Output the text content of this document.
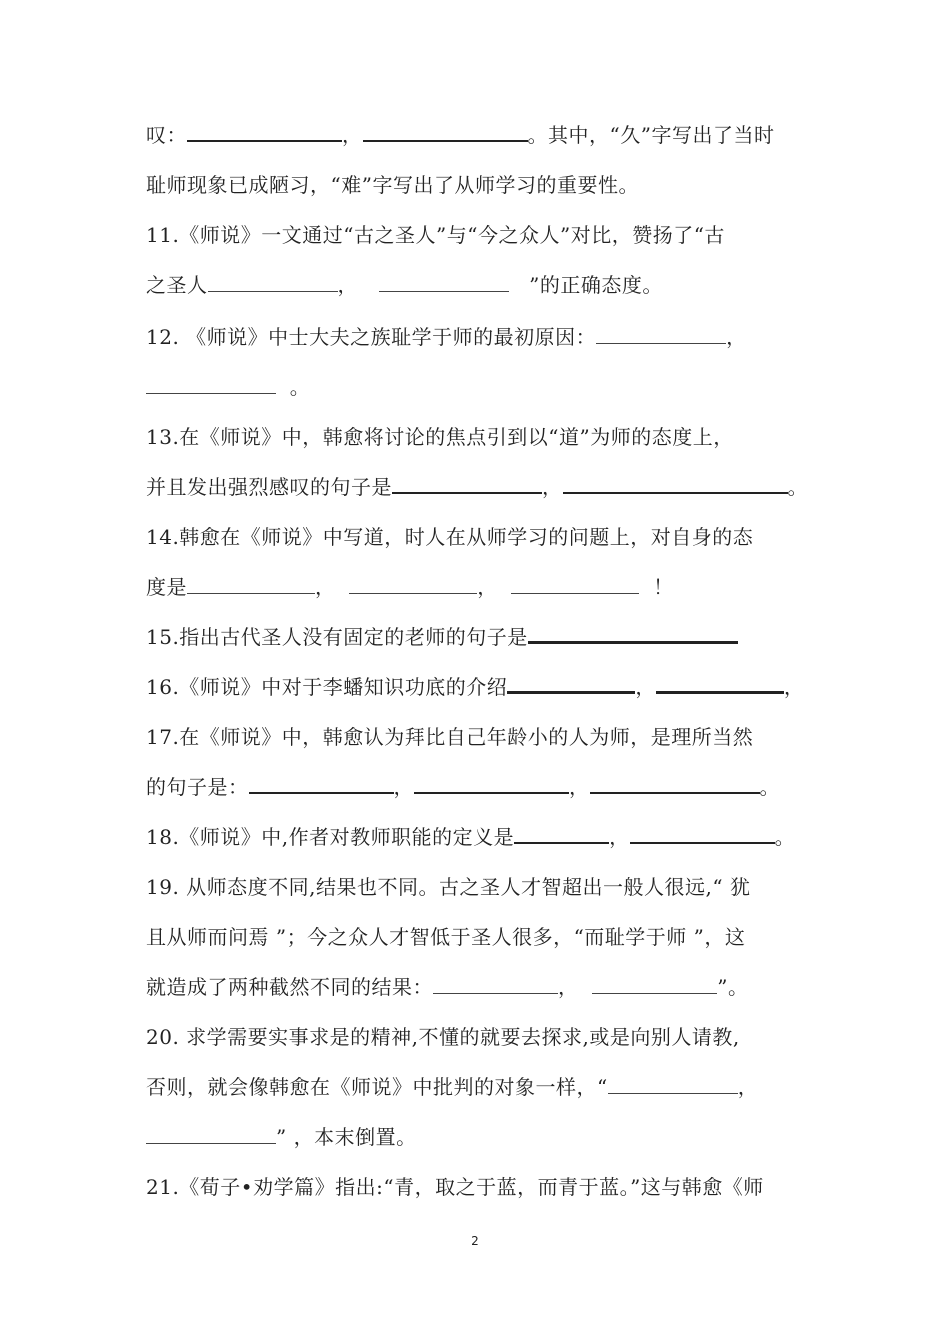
叹：	，	。其中，“久”字写出了当时
耻师现象已成陋习，“难”字写出了从师学习的重要性。
11.《师说》一文通过“古之圣人”与“今之众人”对比，赞扬了“古
之圣人	，	”的正确态度。
12. 《师说》中士大夫之族耻学于师的最初原因：	，
。
13.在《师说》中，韩愈将讨论的焦点引到以“道”为师的态度上，
并且发出强烈感叹的句子是	，	。
14.韩愈在《师说》中写道，时人在从师学习的问题上，对自身的态
度是	，	，	！
15.指出古代圣人没有固定的老师的句子是
16.《师说》中对于李蟠知识功底的介绍	，	，
17.在《师说》中，韩愈认为拜比自己年龄小的人为师，是理所当然
的句子是：	，	，	。
18.《师说》中,作者对教师职能的定义是	，	。
19. 从师态度不同,结果也不同。古之圣人才智超出一般人很远,“ 犹
且从师而问焉 ”；今之众人才智低于圣人很多，“而耻学于师 ”，这
就造成了两种截然不同的结果：	，	”。
20. 求学需要实事求是的精神,不懂的就要去探求,或是向别人请教,
否则，就会像韩愈在《师说》中批判的对象一样，“	，
” ，本末倒置。
21.《荀子•劝学篇》指出:“青，取之于蓝，而青于蓝。”这与韩愈《师
2
